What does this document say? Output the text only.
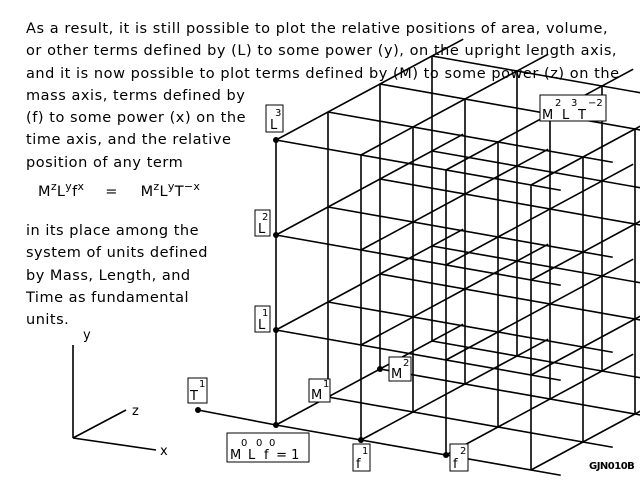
As a result, it is still possible to plot the relative positions of area, volume,
or other terms defined by (L) to some power (y), on the upright length axis,
and it is now possible to plot terms defined by (M) to some power (z) on the
mass axis, terms defined by
(f) to some power (x) on the
time axis, and the relative
position of any term
$M^zL^yf^x = M^zL^yT^{-x}$
in its place among the
system of units defined
by Mass, Length, and
Time as fundamental
units.
y
z
x
L
3
L
2
L
1
T
1
M
1
M
2
f
1
f
2
M
0
L
0
f
0
= 1
M
2
L
3
T
−2
GJN010B
